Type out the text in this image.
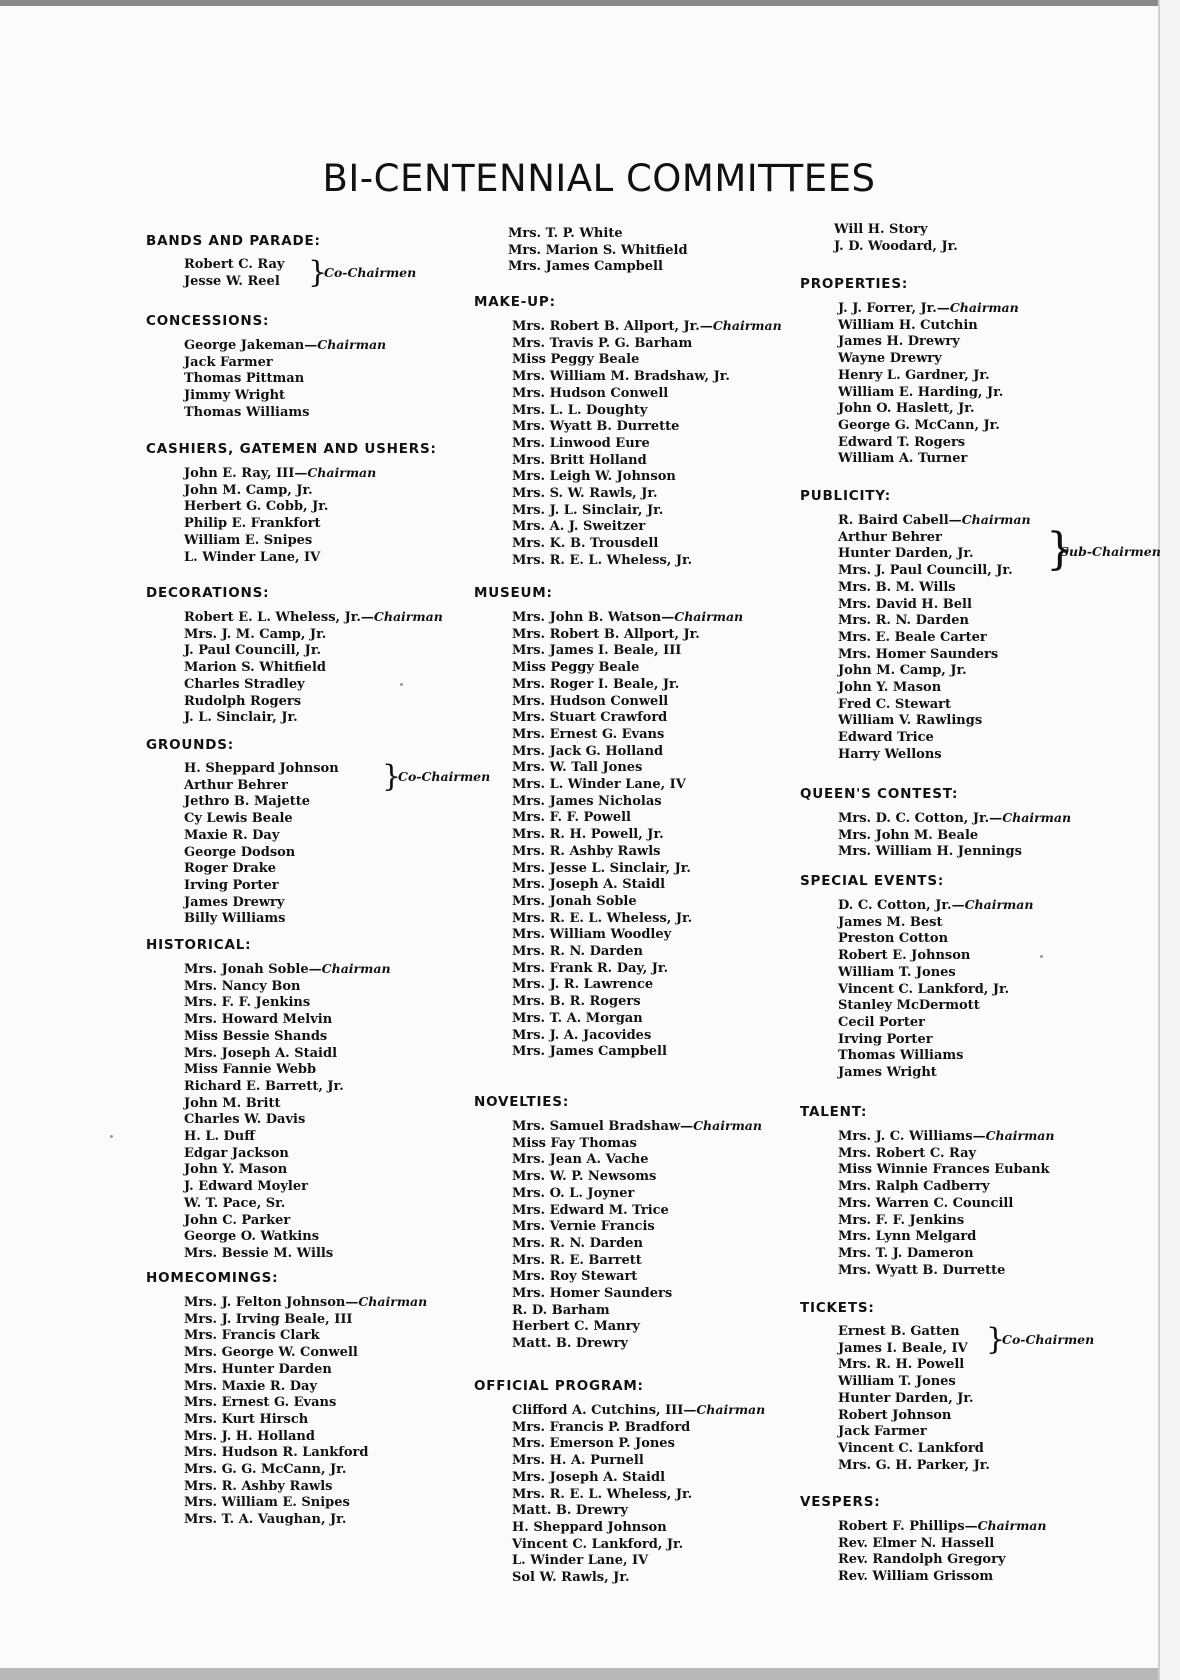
BI-CENTENNIAL COMMITTEES
BANDS AND PARADE:
Robert C. Ray
Jesse W. Reel }
Co-Chairmen
CONCESSIONS:
George Jakeman—Chairman
Jack Farmer
Thomas Pittman
Jimmy Wright
Thomas Williams
CASHIERS, GATEMEN AND USHERS:
John E. Ray, III—Chairman
John M. Camp, Jr.
Herbert G. Cobb, Jr.
Philip E. Frankfort
William E. Snipes
L. Winder Lane, IV
DECORATIONS:
Robert E. L. Wheless, Jr.—Chairman
Mrs. J. M. Camp, Jr.
J. Paul Councill, Jr.
Marion S. Whitfield
Charles Stradley
Rudolph Rogers
J. L. Sinclair, Jr.
GROUNDS:
H. Sheppard Johnson
Arthur Behrer	}
Co-Chairmen
Jethro B. Majette
Cy Lewis Beale
Maxie R. Day
George Dodson
Roger Drake
Irving Porter
James Drewry
Billy Williams
HISTORICAL:
Mrs. Jonah Soble—Chairman
Mrs. Nancy Bon
Mrs. F. F. Jenkins
Mrs. Howard Melvin
Miss Bessie Shands
Mrs. Joseph A. Staidl
Miss Fannie Webb
Richard E. Barrett, Jr.
John M. Britt
Charles W. Davis
H. L. Duff
Edgar Jackson
John Y. Mason
J. Edward Moyler
W. T. Pace, Sr.
John C. Parker
George O. Watkins
Mrs. Bessie M. Wills
HOMECOMINGS:
Mrs. J. Felton Johnson—Chairman
Mrs. J. Irving Beale, III
Mrs. Francis Clark
Mrs. George W. Conwell
Mrs. Hunter Darden
Mrs. Maxie R. Day
Mrs. Ernest G. Evans
Mrs. Kurt Hirsch
Mrs. J. H. Holland
Mrs. Hudson R. Lankford
Mrs. G. G. McCann, Jr.
Mrs. R. Ashby Rawls
Mrs. William E. Snipes
Mrs. T. A. Vaughan, Jr.
Mrs. T. P. White
Mrs. Marion S. Whitfield
Mrs. James Campbell
MAKE-UP:
Mrs. Robert B. Allport, Jr.—Chairman
Mrs. Travis P. G. Barham
Miss Peggy Beale
Mrs. William M. Bradshaw, Jr.
Mrs. Hudson Conwell
Mrs. L. L. Doughty
Mrs. Wyatt B. Durrette
Mrs. Linwood Eure
Mrs. Britt Holland
Mrs. Leigh W. Johnson
Mrs. S. W. Rawls, Jr.
Mrs. J. L. Sinclair, Jr.
Mrs. A. J. Sweitzer
Mrs. K. B. Trousdell
Mrs. R. E. L. Wheless, Jr.
MUSEUM:
Mrs. John B. Watson—Chairman
Mrs. Robert B. Allport, Jr.
Mrs. James I. Beale, III
Miss Peggy Beale
Mrs. Roger I. Beale, Jr.
Mrs. Hudson Conwell
Mrs. Stuart Crawford
Mrs. Ernest G. Evans
Mrs. Jack G. Holland
Mrs. W. Tall Jones
Mrs. L. Winder Lane, IV
Mrs. James Nicholas
Mrs. F. F. Powell
Mrs. R. H. Powell, Jr.
Mrs. R. Ashby Rawls
Mrs. Jesse L. Sinclair, Jr.
Mrs. Joseph A. Staidl
Mrs. Jonah Soble
Mrs. R. E. L. Wheless, Jr.
Mrs. William Woodley
Mrs. R. N. Darden
Mrs. Frank R. Day, Jr.
Mrs. J. R. Lawrence
Mrs. B. R. Rogers
Mrs. T. A. Morgan
Mrs. J. A. Jacovides
Mrs. James Campbell
NOVELTIES:
Mrs. Samuel Bradshaw—Chairman
Miss Fay Thomas
Mrs. Jean A. Vache
Mrs. W. P. Newsoms
Mrs. O. L. Joyner
Mrs. Edward M. Trice
Mrs. Vernie Francis
Mrs. R. N. Darden
Mrs. R. E. Barrett
Mrs. Roy Stewart
Mrs. Homer Saunders
R. D. Barham
Herbert C. Manry
Matt. B. Drewry
OFFICIAL PROGRAM:
Clifford A. Cutchins, III—Chairman
Mrs. Francis P. Bradford
Mrs. Emerson P. Jones
Mrs. H. A. Purnell
Mrs. Joseph A. Staidl
Mrs. R. E. L. Wheless, Jr.
Matt. B. Drewry
H. Sheppard Johnson
Vincent C. Lankford, Jr.
L. Winder Lane, IV
Sol W. Rawls, Jr.
Will H. Story
J. D. Woodard, Jr.
PROPERTIES:
J. J. Forrer, Jr.—Chairman
William H. Cutchin
James H. Drewry
Wayne Drewry
Henry L. Gardner, Jr.
William E. Harding, Jr.
John O. Haslett, Jr.
George G. McCann, Jr.
Edward T. Rogers
William A. Turner
PUBLICITY:
R. Baird Cabell—Chairman
Arthur Behrer
Hunter Darden, Jr.
Mrs. J. Paul Councill, Jr. }
Sub-Chairmen
Mrs. B. M. Wills
Mrs. David H. Bell
Mrs. R. N. Darden
Mrs. E. Beale Carter
Mrs. Homer Saunders
John M. Camp, Jr.
John Y. Mason
Fred C. Stewart
William V. Rawlings
Edward Trice
Harry Wellons
QUEEN'S CONTEST:
Mrs. D. C. Cotton, Jr.—Chairman
Mrs. John M. Beale
Mrs. William H. Jennings
SPECIAL EVENTS:
D. C. Cotton, Jr.—Chairman
James M. Best
Preston Cotton
Robert E. Johnson
William T. Jones
Vincent C. Lankford, Jr.
Stanley McDermott
Cecil Porter
Irving Porter
Thomas Williams
James Wright
TALENT:
Mrs. J. C. Williams—Chairman
Mrs. Robert C. Ray
Miss Winnie Frances Eubank
Mrs. Ralph Cadberry
Mrs. Warren C. Councill
Mrs. F. F. Jenkins
Mrs. Lynn Melgard
Mrs. T. J. Dameron
Mrs. Wyatt B. Durrette
TICKETS:
Ernest B. Gatten
James I. Beale, IV }
Co-Chairmen
Mrs. R. H. Powell
William T. Jones
Hunter Darden, Jr.
Robert Johnson
Jack Farmer
Vincent C. Lankford
Mrs. G. H. Parker, Jr.
VESPERS:
Robert F. Phillips—Chairman
Rev. Elmer N. Hassell
Rev. Randolph Gregory
Rev. William Grissom
